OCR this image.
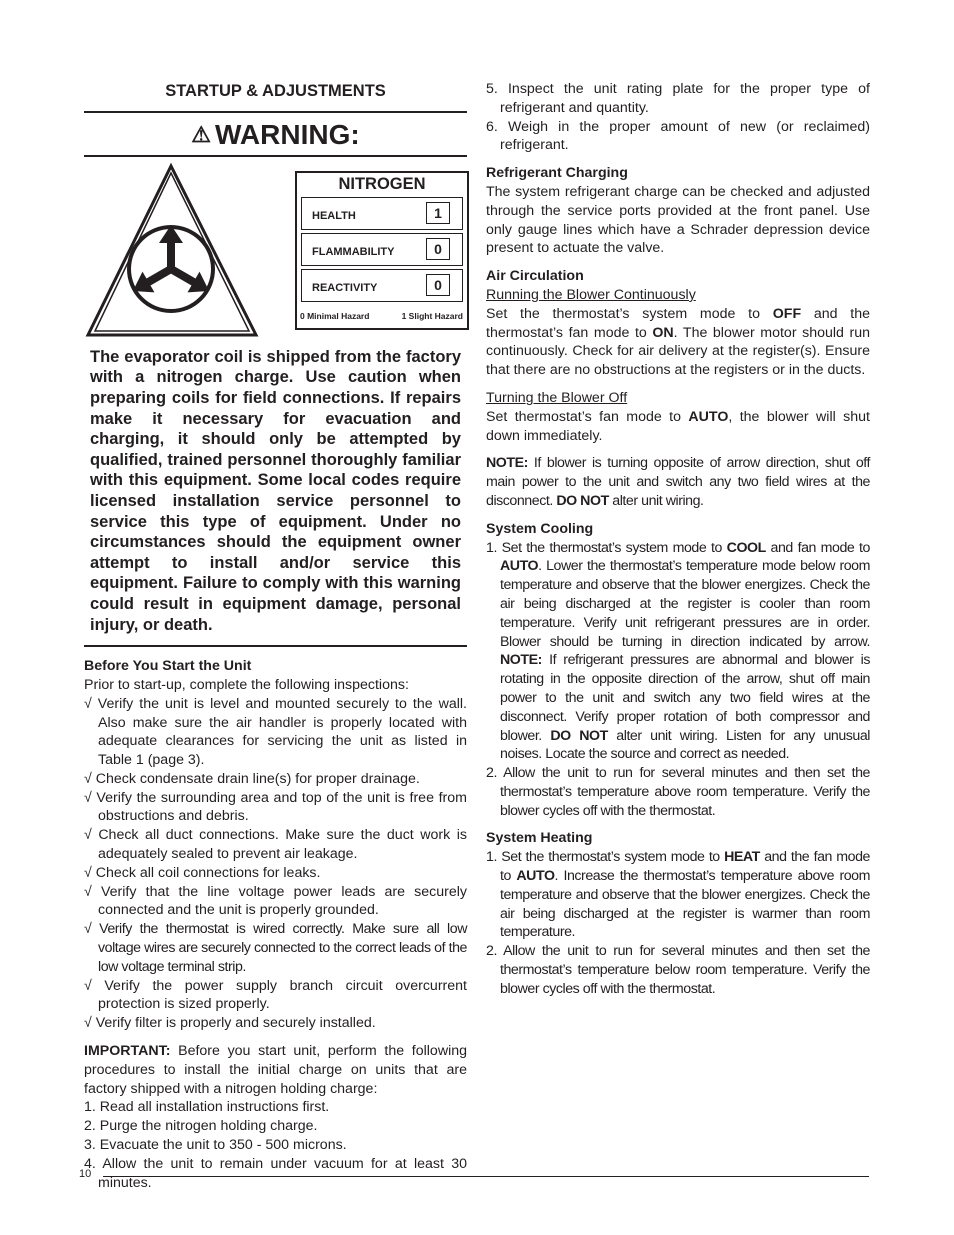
STARTUP & ADJUSTMENTS
⚠ WARNING:
NITROGEN
HEALTH	1
FLAMMABILITY	0
REACTIVITY	0
0 Minimal Hazard	1 Slight Hazard
The evaporator coil is shipped from the factory with a nitrogen charge. Use caution when preparing coils for field connections. If repairs make it necessary for evacuation and charging, it should only be attempted by qualified, trained personnel thoroughly familiar with this equipment. Some local codes require licensed installation service personnel to service this type of equipment. Under no circumstances should the equipment owner attempt to install and/or service this equipment. Failure to comply with this warning could result in equipment damage, personal injury, or death.

Before You Start the Unit

Prior to start-up, complete the following inspections:

√ Verify the unit is level and mounted securely to the wall. Also make sure the air handler is properly located with adequate clearances for servicing the unit as listed in Table 1 (page 3).
√ Check condensate drain line(s) for proper drainage.
√ Verify the surrounding area and top of the unit is free from obstructions and debris.
√ Check all duct connections. Make sure the duct work is adequately sealed to prevent air leakage.
√ Check all coil connections for leaks.
√ Verify that the line voltage power leads are securely connected and the unit is properly grounded.
√ Verify the thermostat is wired correctly. Make sure all low voltage wires are securely connected to the correct leads of the low voltage terminal strip.
√ Verify the power supply branch circuit overcurrent protection is sized properly.
√ Verify filter is properly and securely installed.

IMPORTANT: Before you start unit, perform the following procedures to install the initial charge on units that are factory shipped with a nitrogen holding charge:

1. Read all installation instructions first.
2. Purge the nitrogen holding charge.
3. Evacuate the unit to 350 - 500 microns.
4. Allow the unit to remain under vacuum for at least 30 minutes.
5. Inspect the unit rating plate for the proper type of refrigerant and quantity.
6. Weigh in the proper amount of new (or reclaimed) refrigerant.

Refrigerant Charging

The system refrigerant charge can be checked and adjusted through the service ports provided at the front panel. Use only gauge lines which have a Schrader depression device present to actuate the valve.

Air Circulation

Running the Blower Continuously

Set the thermostat’s system mode to OFF and the thermostat’s fan mode to ON. The blower motor should run continuously. Check for air delivery at the register(s). Ensure that there are no obstructions at the registers or in the ducts.

Turning the Blower Off

Set thermostat’s fan mode to AUTO, the blower will shut down immediately.

NOTE: If blower is turning opposite of arrow direction, shut off main power to the unit and switch any two field wires at the disconnect. DO NOT alter unit wiring.

System Cooling

1. Set the thermostat’s system mode to COOL and fan mode to AUTO. Lower the thermostat’s temperature mode below room temperature and observe that the blower energizes. Check the air being discharged at the register is cooler than room temperature. Verify unit refrigerant pressures are in order. Blower should be turning in direction indicated by arrow. NOTE: If refrigerant pressures are abnormal and blower is rotating in the opposite direction of the arrow, shut off main power to the unit and switch any two field wires at the disconnect. Verify proper rotation of both compressor and blower. DO NOT alter unit wiring. Listen for any unusual noises. Locate the source and correct as needed.
2. Allow the unit to run for several minutes and then set the thermostat’s temperature above room temperature. Verify the blower cycles off with the thermostat.

System Heating

1. Set the thermostat’s system mode to HEAT and the fan mode to AUTO. Increase the thermostat’s temperature above room temperature and observe that the blower energizes. Check the air being discharged at the register is warmer than room temperature.
2. Allow the unit to run for several minutes and then set the thermostat’s temperature below room temperature. Verify the blower cycles off with the thermostat.
10
